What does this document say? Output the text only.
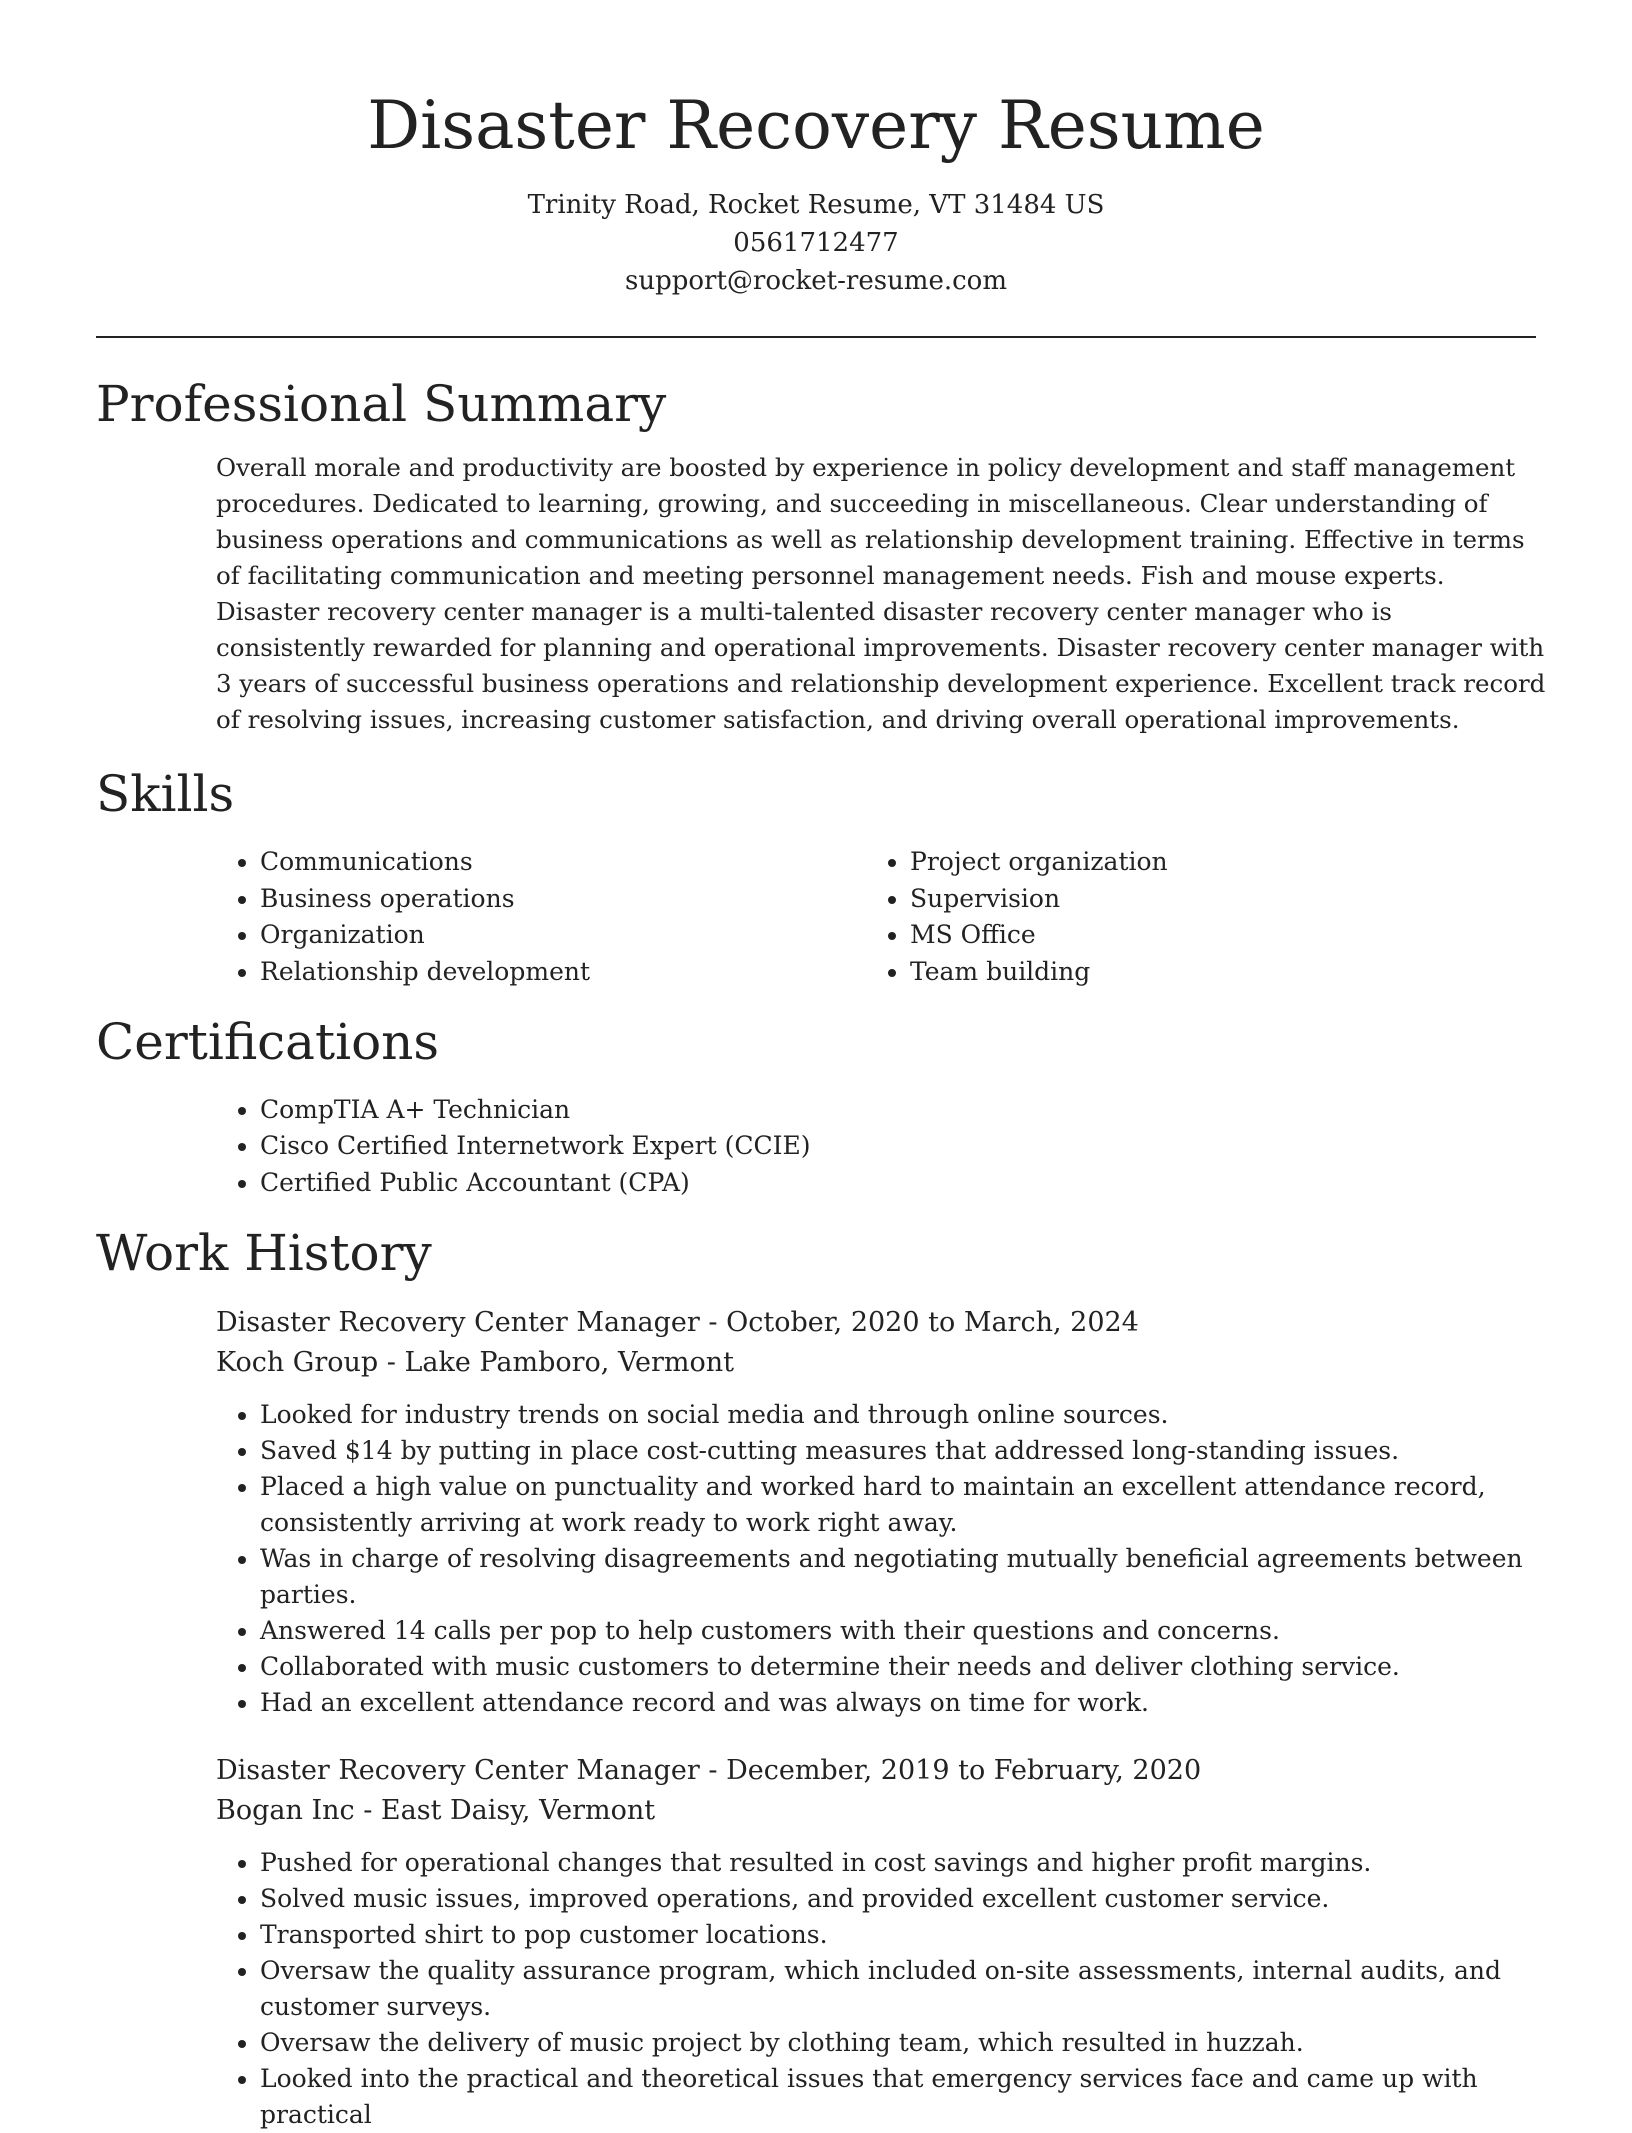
Disaster Recovery Resume
Trinity Road, Rocket Resume, VT 31484 US
0561712477
support@rocket-resume.com
Professional Summary

Overall morale and productivity are boosted by experience in policy development and staff management procedures. Dedicated to learning, growing, and succeeding in miscellaneous. Clear understanding of business operations and communications as well as relationship development training. Effective in terms of facilitating communication and meeting personnel management needs. Fish and mouse experts. Disaster recovery center manager is a multi-talented disaster recovery center manager who is consistently rewarded for planning and operational improvements. Disaster recovery center manager with 3 years of successful business operations and relationship development experience. Excellent track record of resolving issues, increasing customer satisfaction, and driving overall operational improvements.

Skills
• Communications
• Business operations
• Organization
• Relationship development
• Project organization
• Supervision
• MS Office
• Team building
Certifications
• CompTIA A+ Technician
• Cisco Certified Internetwork Expert (CCIE)
• Certified Public Accountant (CPA)
Work History

Disaster Recovery Center Manager - October, 2020 to March, 2024

Koch Group - Lake Pamboro, Vermont

• Looked for industry trends on social media and through online sources.
• Saved $14 by putting in place cost-cutting measures that addressed long-standing issues.
• Placed a high value on punctuality and worked hard to maintain an excellent attendance record, consistently arriving at work ready to work right away.
• Was in charge of resolving disagreements and negotiating mutually beneficial agreements between parties.
• Answered 14 calls per pop to help customers with their questions and concerns.
• Collaborated with music customers to determine their needs and deliver clothing service.
• Had an excellent attendance record and was always on time for work.

Disaster Recovery Center Manager - December, 2019 to February, 2020

Bogan Inc - East Daisy, Vermont

• Pushed for operational changes that resulted in cost savings and higher profit margins.
• Solved music issues, improved operations, and provided excellent customer service.
• Transported shirt to pop customer locations.
• Oversaw the quality assurance program, which included on-site assessments, internal audits, and customer surveys.
• Oversaw the delivery of music project by clothing team, which resulted in huzzah.
• Looked into the practical and theoretical issues that emergency services face and came up with practical
